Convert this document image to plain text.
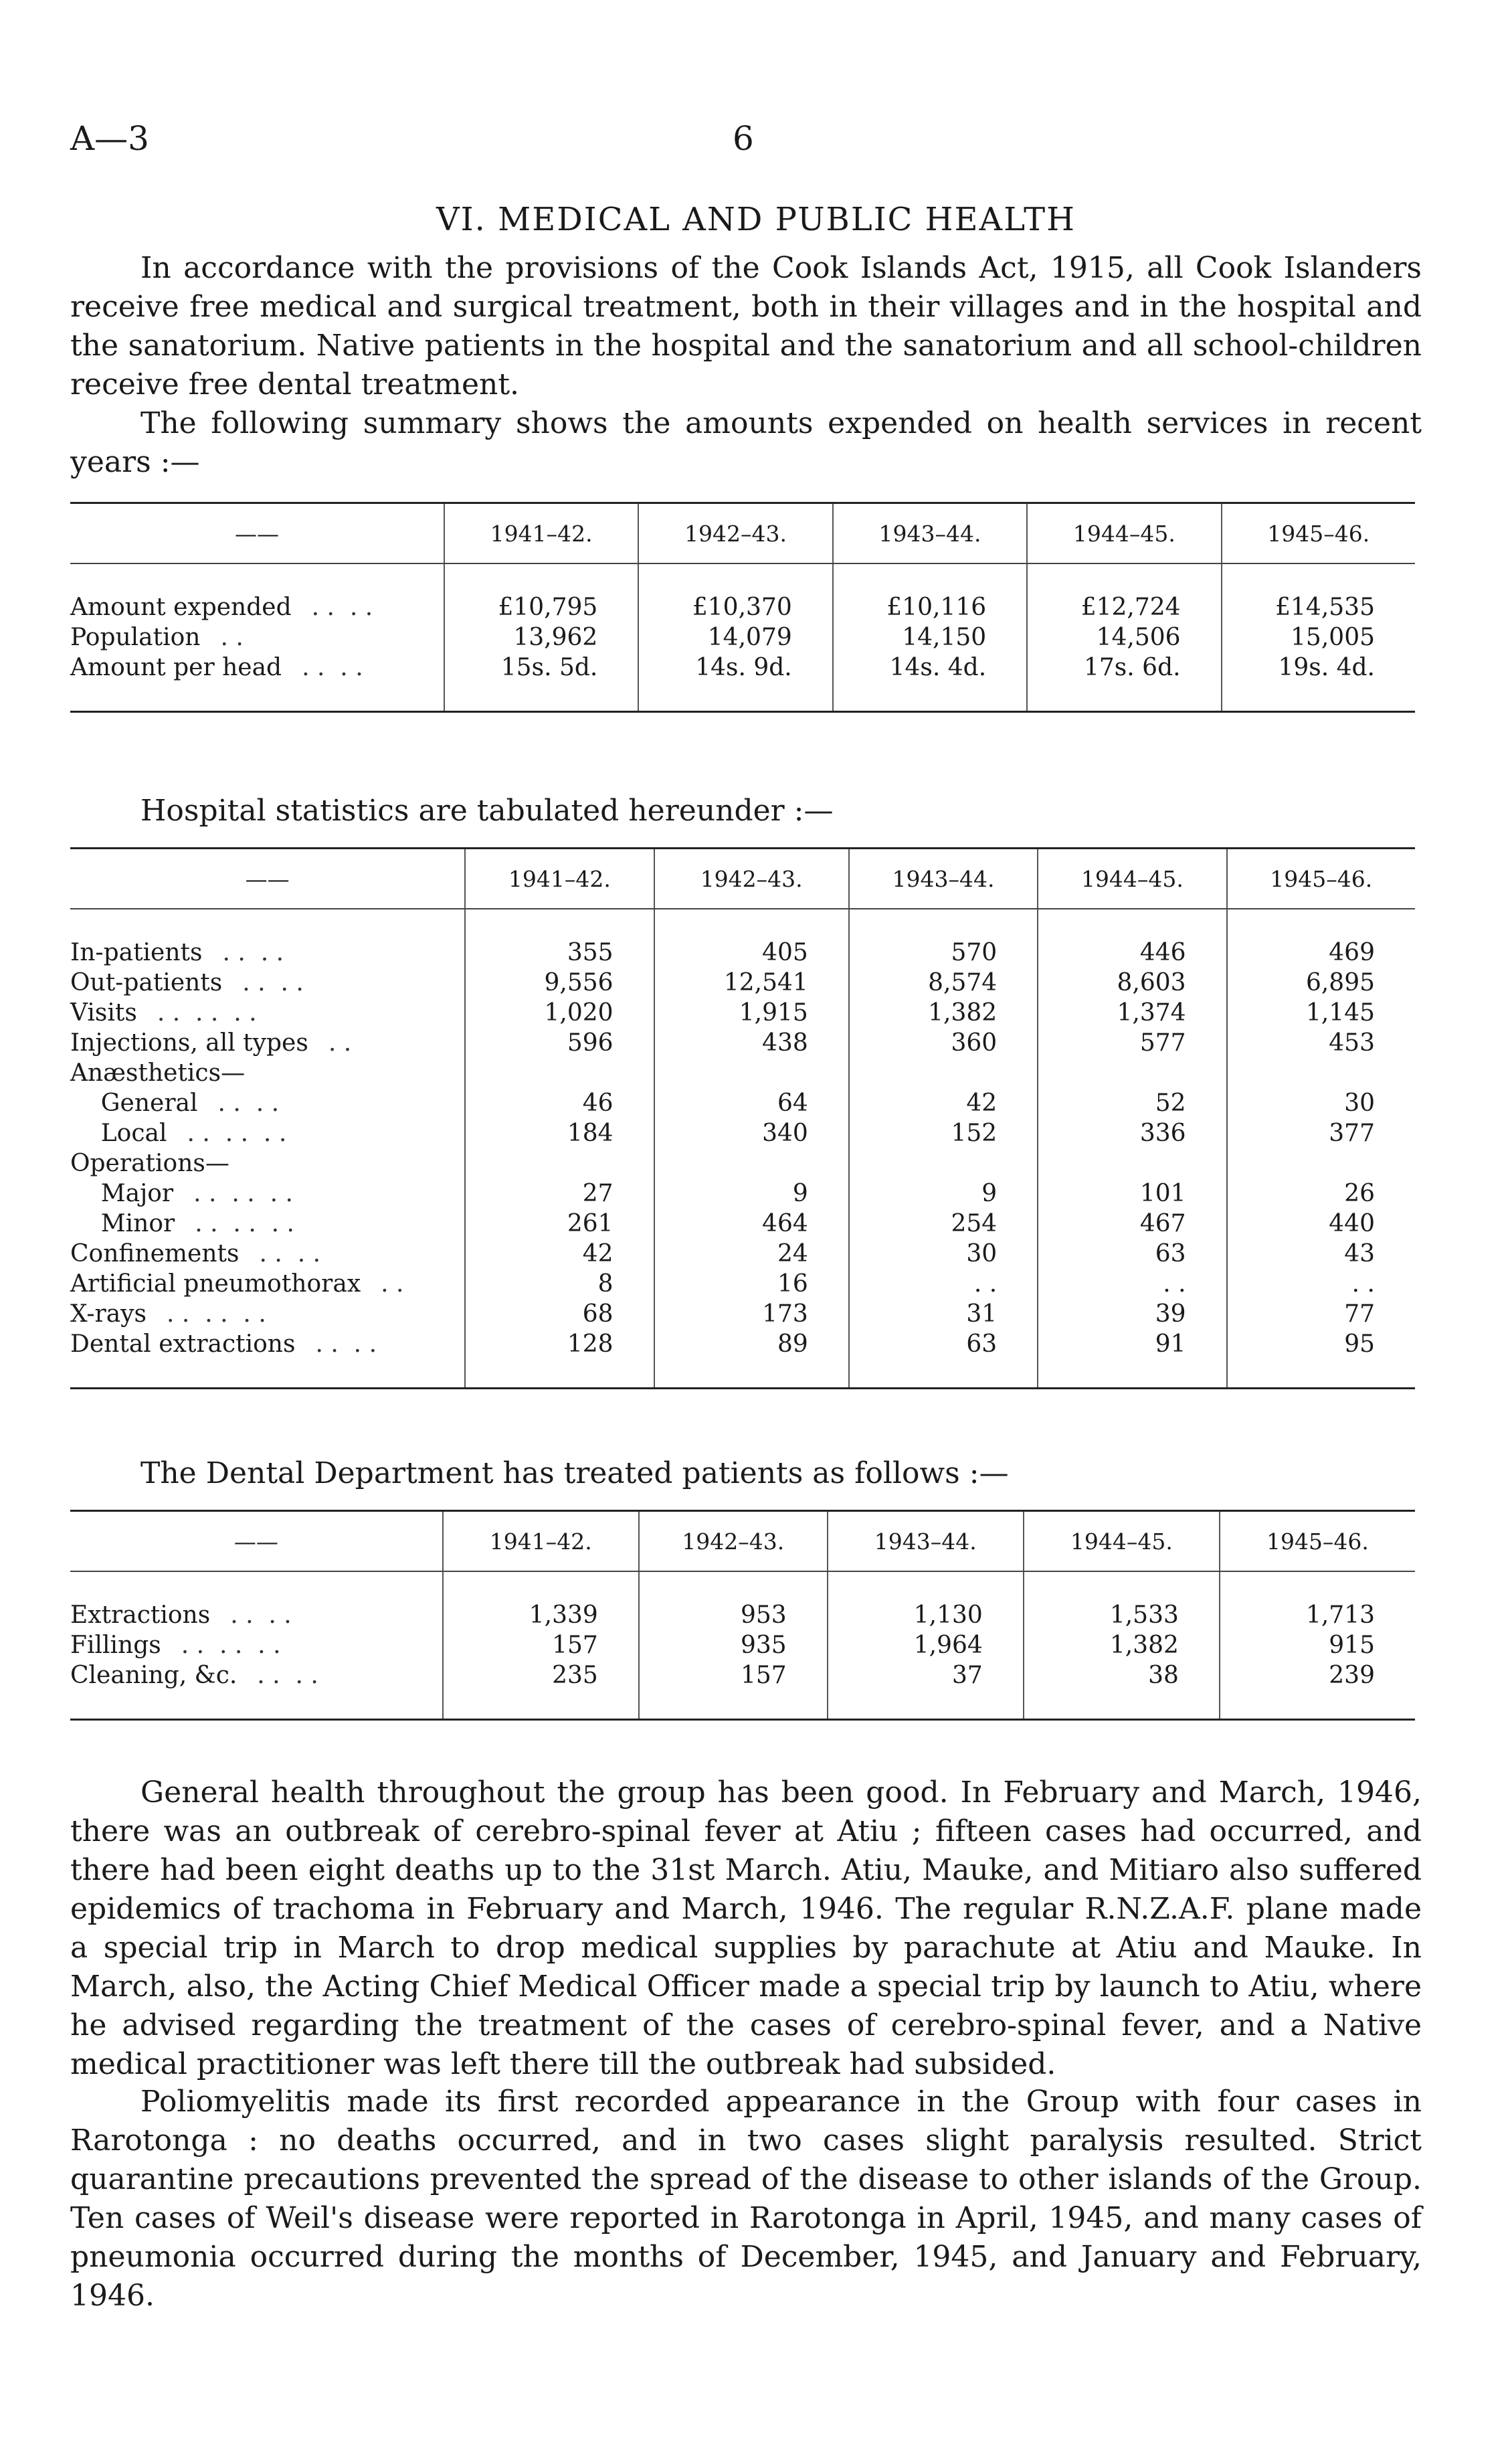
A—3	6
VI. MEDICAL AND PUBLIC HEALTH
In accordance with the provisions of the Cook Islands Act, 1915, all Cook Islanders receive free medical and surgical treatment, both in their villages and in the hospital and the sanatorium. Native patients in the hospital and the sanatorium and all school-children receive free dental treatment.
The following summary shows the amounts expended on health services in recent years :—
——	1941–42.	1942–43.	1943–44.	1944–45.	1945–46.

Amount expended . .  . .	£10,795	£10,370	£10,116	£12,724	£14,535
Population . .	13,962	14,079	14,150	14,506	15,005
Amount per head . .  . .	15s. 5d.	14s. 9d.	14s. 4d.	17s. 6d.	19s. 4d.

Hospital statistics are tabulated hereunder :—
——	1941–42.	1942–43.	1943–44.	1944–45.	1945–46.

In-patients . .  . .	355	405	570	446	469
Out-patients . .  . .	9,556	12,541	8,574	8,603	6,895
Visits . .  . .  . .	1,020	1,915	1,382	1,374	1,145
Injections, all types . .	596	438	360	577	453
Anæsthetics—					
General . .  . .	46	64	42	52	30
Local . .  . .  . .	184	340	152	336	377
Operations—					
Major . .  . .  . .	27	9	9	101	26
Minor . .  . .  . .	261	464	254	467	440
Confinements . .  . .	42	24	30	63	43
Artificial pneumothorax . .	8	16	. .	. .	. .
X-rays . .  . .  . .	68	173	31	39	77
Dental extractions . .  . .	128	89	63	91	95

The Dental Department has treated patients as follows :—
——	1941–42.	1942–43.	1943–44.	1944–45.	1945–46.

Extractions . .  . .	1,339	953	1,130	1,533	1,713
Fillings . .  . .  . .	157	935	1,964	1,382	915
Cleaning, &c. . .  . .	235	157	37	38	239

General health throughout the group has been good. In February and March, 1946, there was an outbreak of cerebro-spinal fever at Atiu ; fifteen cases had occurred, and there had been eight deaths up to the 31st March. Atiu, Mauke, and Mitiaro also suffered epidemics of trachoma in February and March, 1946. The regular R.N.Z.A.F. plane made a special trip in March to drop medical supplies by parachute at Atiu and Mauke. In March, also, the Acting Chief Medical Officer made a special trip by launch to Atiu, where he advised regarding the treatment of the cases of cerebro-spinal fever, and a Native medical practitioner was left there till the outbreak had subsided.
Poliomyelitis made its first recorded appearance in the Group with four cases in Rarotonga : no deaths occurred, and in two cases slight paralysis resulted. Strict quarantine precautions prevented the spread of the disease to other islands of the Group. Ten cases of Weil's disease were reported in Rarotonga in April, 1945, and many cases of pneumonia occurred during the months of December, 1945, and January and February, 1946.
